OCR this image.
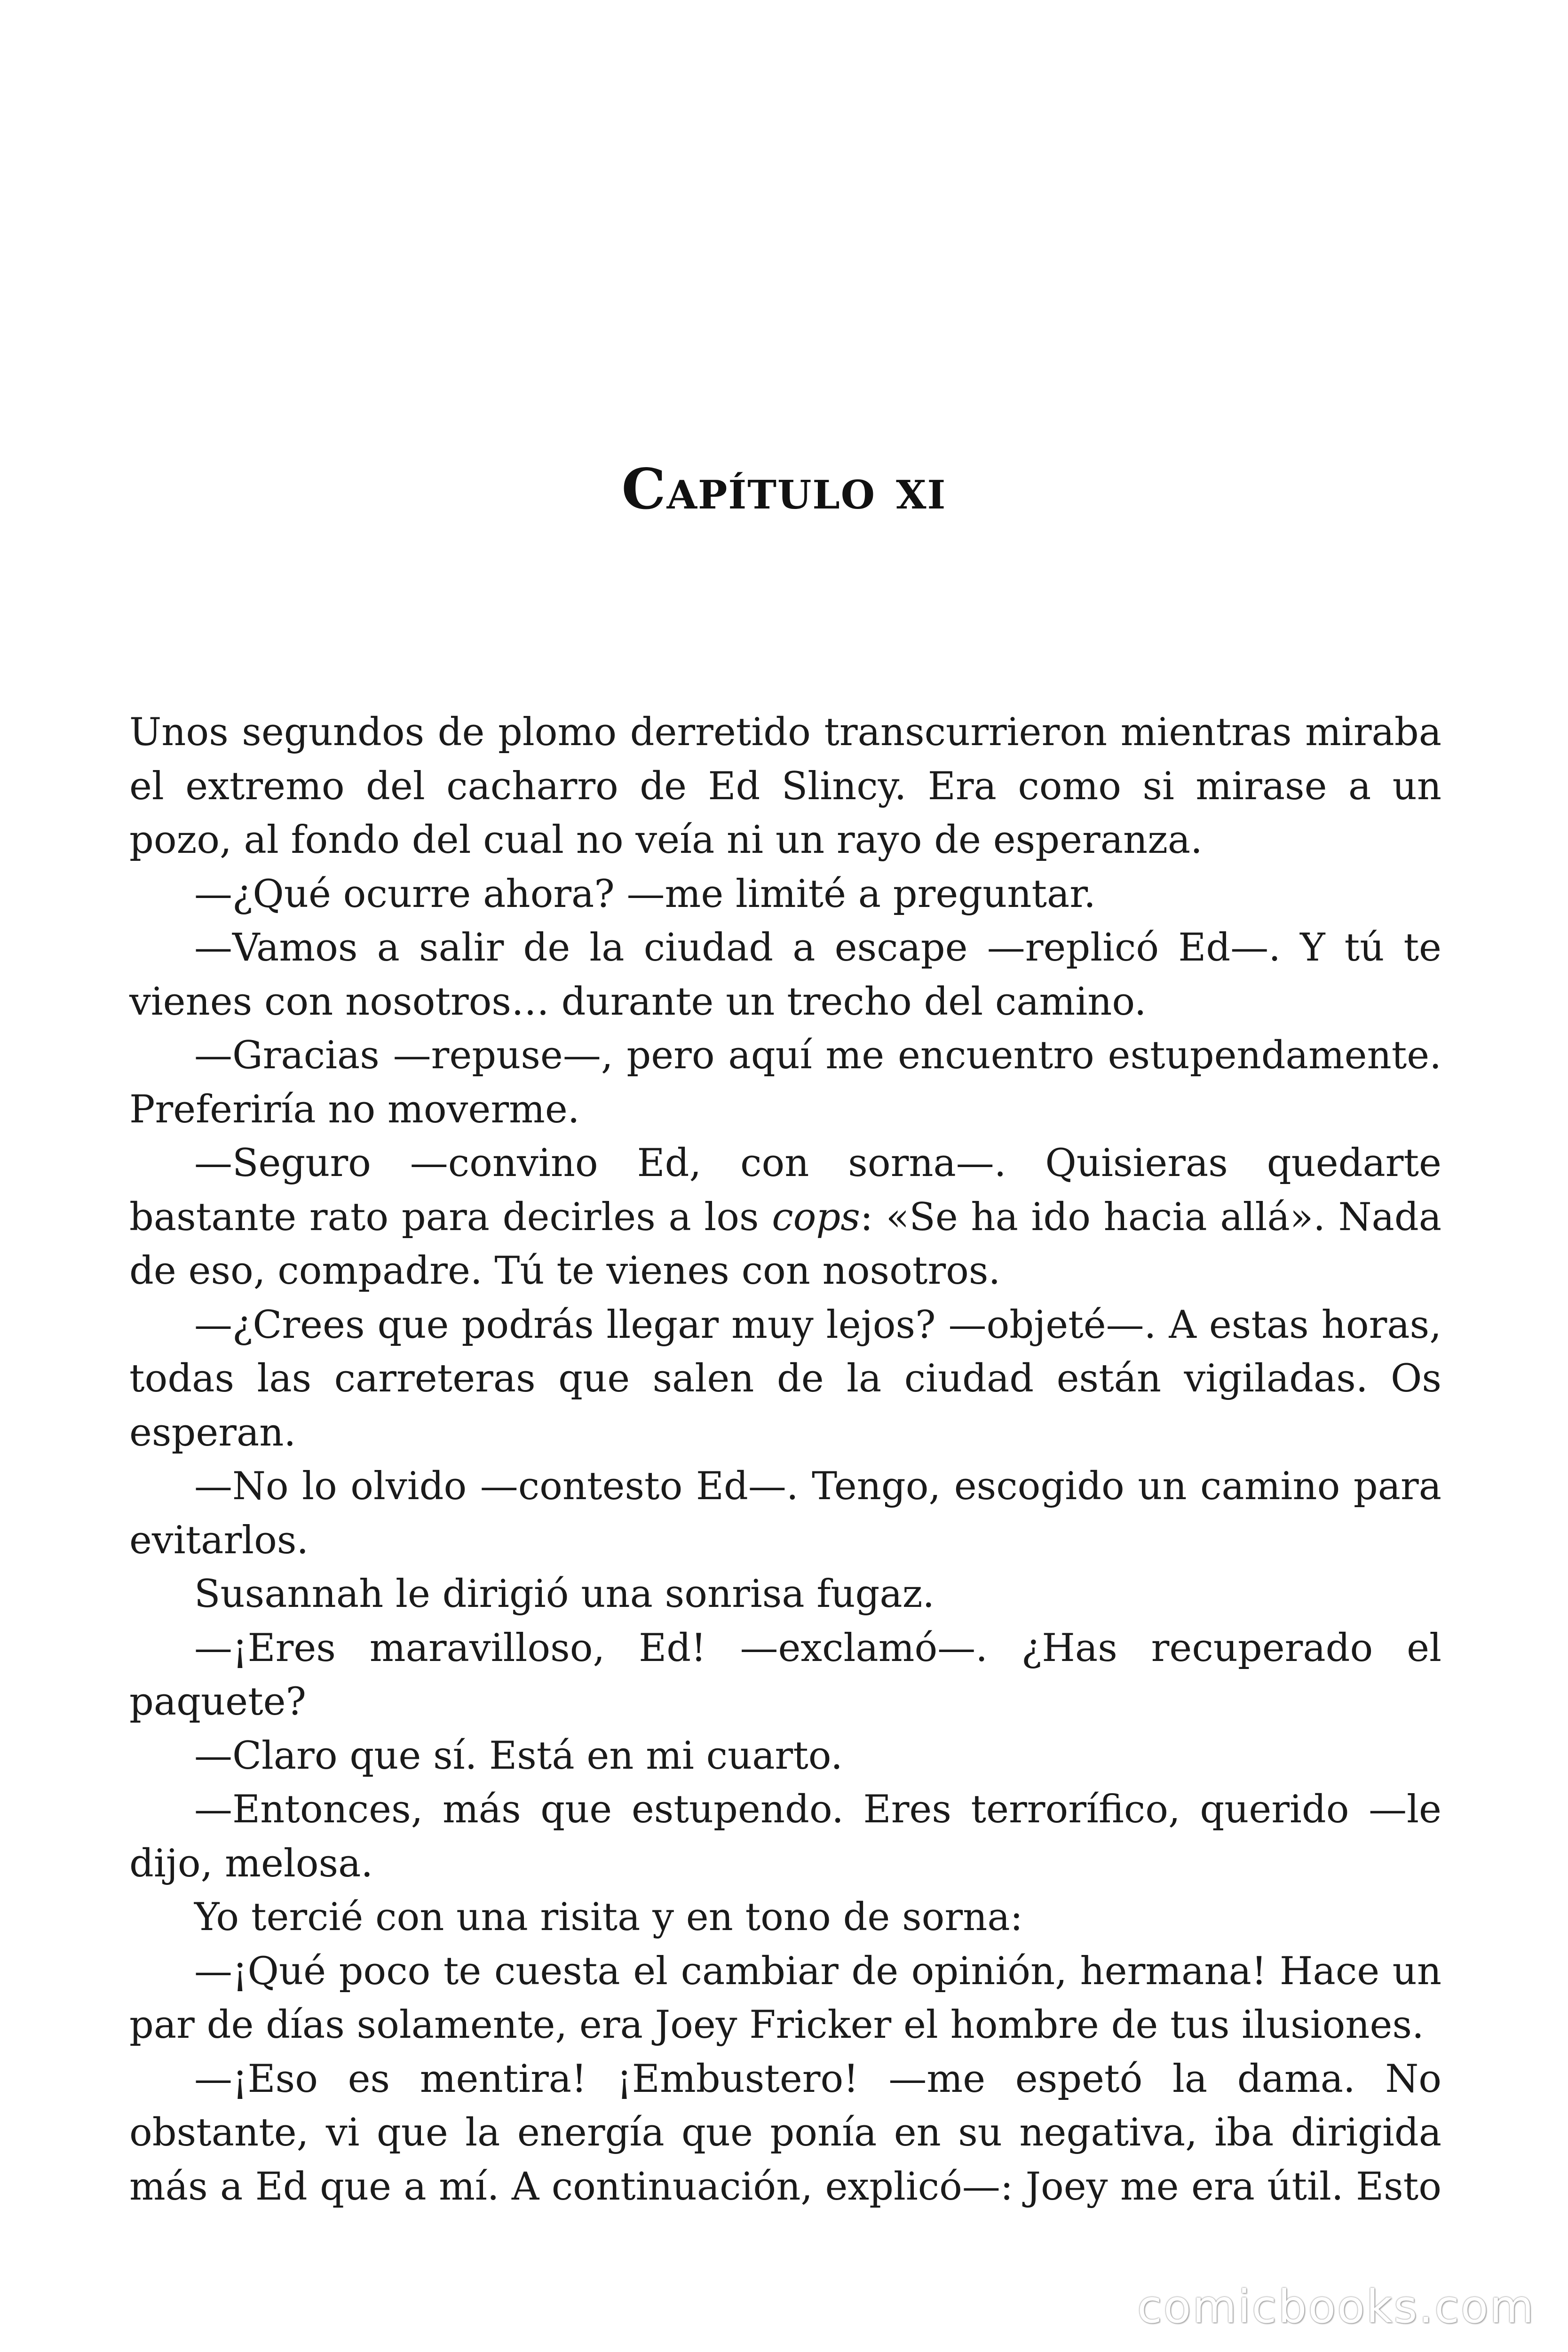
Capítulo xi

Unos segundos de plomo derretido transcurrieron mientras miraba el extremo del cacharro de Ed Slincy. Era como si mirase a un pozo, al fondo del cual no veía ni un rayo de esperanza.

—¿Qué ocurre ahora? —me limité a preguntar.

—Vamos a salir de la ciudad a escape —replicó Ed—. Y tú te vienes con nosotros… durante un trecho del camino.

—Gracias —repuse—, pero aquí me encuentro estupendamente. Preferiría no moverme.

—Seguro —convino Ed, con sorna—. Quisieras quedarte bastante rato para decirles a los cops: «Se ha ido hacia allá». Nada de eso, compadre. Tú te vienes con nosotros.

—¿Crees que podrás llegar muy lejos? —objeté—. A estas horas, todas las carreteras que salen de la ciudad están vigiladas. Os esperan.

—No lo olvido —contesto Ed—. Tengo, escogido un camino para evitarlos.

Susannah le dirigió una sonrisa fugaz.

—¡Eres maravilloso, Ed! —exclamó—. ¿Has recuperado el paquete?

—Claro que sí. Está en mi cuarto.

—Entonces, más que estupendo. Eres terrorífico, querido —le dijo, melosa.

Yo tercié con una risita y en tono de sorna:

—¡Qué poco te cuesta el cambiar de opinión, hermana! Hace un par de días solamente, era Joey Fricker el hombre de tus ilusiones.

—¡Eso es mentira! ¡Embustero! —me espetó la dama. No obstante, vi que la energía que ponía en su negativa, iba dirigida más a Ed que a mí. A continuación, explicó—: Joey me era útil. Esto

comicbooks.com
